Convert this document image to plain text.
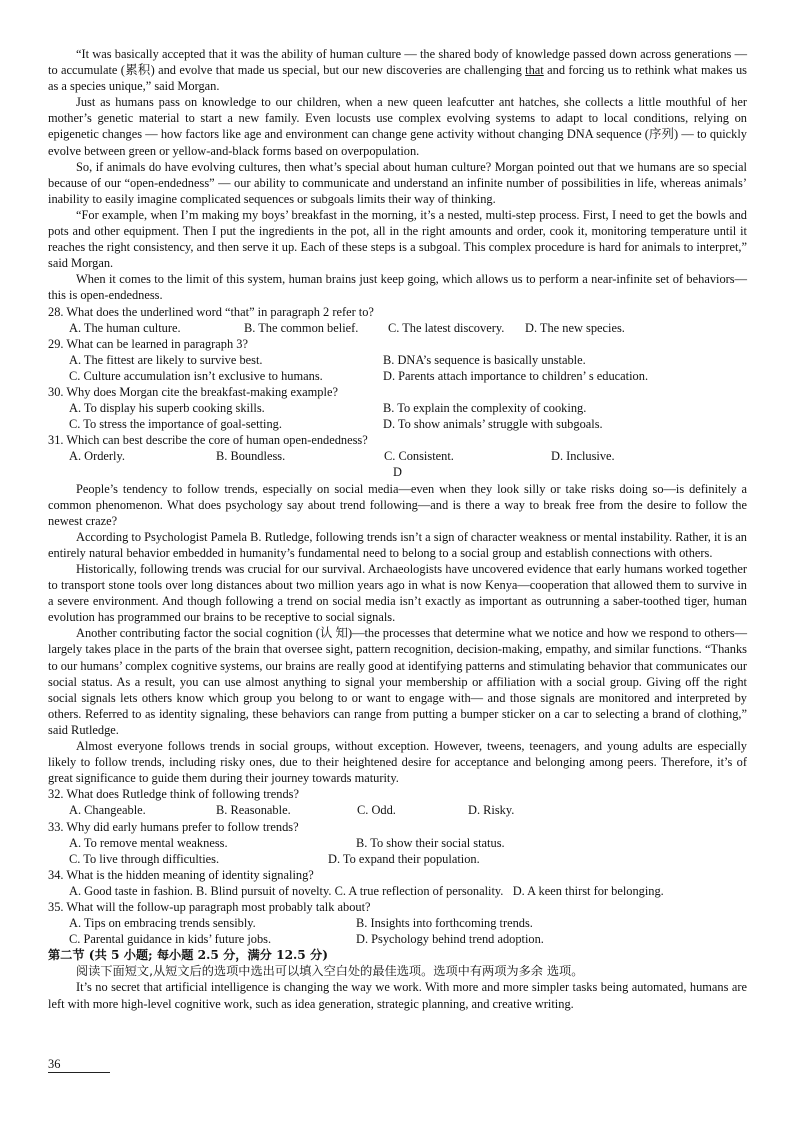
“It was basically accepted that it was the ability of human culture — the shared body of knowledge passed down across generations — to accumulate (累积) and evolve that made us special, but our new discoveries are challenging that and forcing us to rethink what makes us as a species unique,” said Morgan.

Just as humans pass on knowledge to our children, when a new queen leafcutter ant hatches, she collects a little mouthful of her mother’s genetic material to start a new family. Even locusts use complex evolving systems to adapt to local conditions, relying on epigenetic changes — how factors like age and environment can change gene activity without changing DNA sequence (序列) — to quickly evolve between green or yellow-and-black forms based on overpopulation.

So, if animals do have evolving cultures, then what’s special about human culture? Morgan pointed out that we humans are so special because of our “open-endedness” — our ability to communicate and understand an infinite number of possibilities in life, whereas animals’ inability to easily imagine complicated sequences or subgoals limits their way of thinking.

“For example, when I’m making my boys’ breakfast in the morning, it’s a nested, multi-step process. First, I need to get the bowls and pots and other equipment. Then I put the ingredients in the pot, all in the right amounts and order, cook it, monitoring temperature until it reaches the right consistency, and then serve it up. Each of these steps is a subgoal. This complex procedure is hard for animals to interpret,” said Morgan.

When it comes to the limit of this system, human brains just keep going, which allows us to perform a near-infinite set of behaviors—this is open-endedness.

28. What does the underlined word “that” in paragraph 2 refer to?

A. The human culture.	B. The common belief.	C. The latest discovery.	D. The new species.

29. What can be learned in paragraph 3?

A. The fittest are likely to survive best.	B. DNA’s sequence is basically unstable.
C. Culture accumulation isn’t exclusive to humans.	D. Parents attach importance to children’ s education.

30. Why does Morgan cite the breakfast-making example?

A. To display his superb cooking skills.	B. To explain the complexity of cooking.
C. To stress the importance of goal-setting.	D. To show animals’ struggle with subgoals.

31. Which can best describe the core of human open-endedness?

A. Orderly.	B. Boundless.	C. Consistent.	D. Inclusive.

D

People’s tendency to follow trends, especially on social media—even when they look silly or take risks doing so—is definitely a common phenomenon. What does psychology say about trend following—and is there a way to break free from the desire to follow the newest craze?

According to Psychologist Pamela B. Rutledge, following trends isn’t a sign of character weakness or mental instability. Rather, it is an entirely natural behavior embedded in humanity’s fundamental need to belong to a social group and establish connections with others.

Historically, following trends was crucial for our survival. Archaeologists have uncovered evidence that early humans worked together to transport stone tools over long distances about two million years ago in what is now Kenya—cooperation that allowed them to survive in a severe environment. And though following a trend on social media isn’t exactly as important as outrunning a saber-toothed tiger, human evolution has programmed our brains to be receptive to social signals.

Another contributing factor the social cognition (认 知)—the processes that determine what we notice and how we respond to others—largely takes place in the parts of the brain that oversee sight, pattern recognition, decision-making, empathy, and similar functions. “Thanks to our humans’ complex cognitive systems, our brains are really good at identifying patterns and stimulating behavior that communicates our social status. As a result, you can use almost anything to signal your membership or affiliation with a social group. Giving off the right social signals lets others know which group you belong to or want to engage with— and those signals are monitored and interpreted by others. Referred to as identity signaling, these behaviors can range from putting a bumper sticker on a car to selecting a brand of clothing,” said Rutledge.

Almost everyone follows trends in social groups, without exception. However, tweens, teenagers, and young adults are especially likely to follow trends, including risky ones, due to their heightened desire for acceptance and belonging among peers. Therefore, it’s of great significance to guide them during their journey towards maturity.

32. What does Rutledge think of following trends?

A. Changeable.	B. Reasonable.	C. Odd.	D. Risky.

33. Why did early humans prefer to follow trends?

A. To remove mental weakness.	B. To show their social status.
C. To live through difficulties.	D. To expand their population.

34. What is the hidden meaning of identity signaling?

A. Good taste in fashion. B. Blind pursuit of novelty. C. A true reflection of personality.   D. A keen thirst for belonging.

35. What will the follow-up paragraph most probably talk about?

A. Tips on embracing trends sensibly.	B. Insights into forthcoming trends.
C. Parental guidance in kids’ future jobs.	D. Psychology behind trend adoption.

第二节 (共 5 小题; 每小题 2.5 分，满分 12.5 分)

阅读下面短文,从短文后的选项中选出可以填入空白处的最佳选项。选项中有两项为多余 选项。

It’s no secret that artificial intelligence is changing the way we work. With more and more simpler tasks being automated, humans are left with more high-level cognitive work, such as idea generation, strategic planning, and creative writing.

36
